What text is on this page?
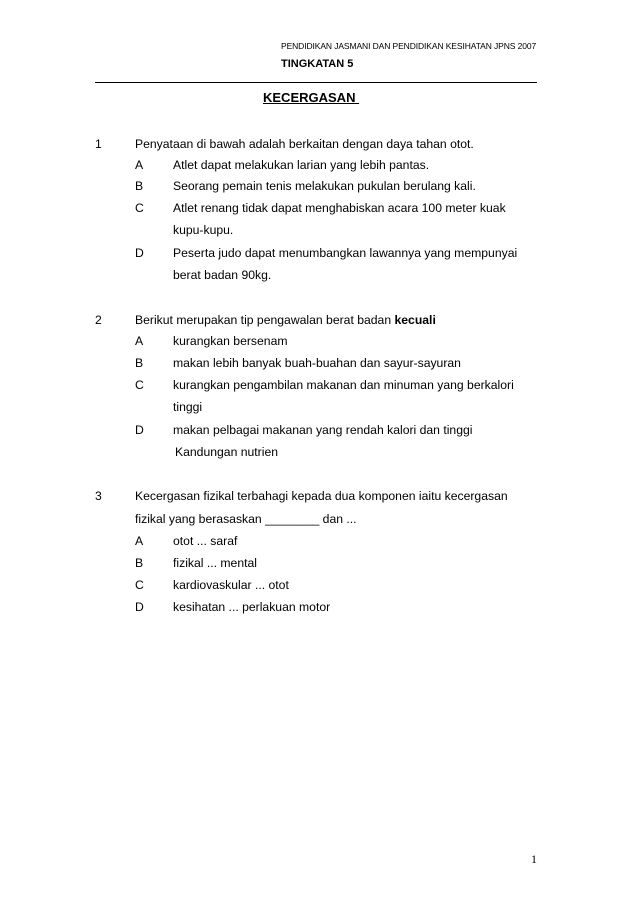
PENDIDIKAN JASMANI DAN PENDIDIKAN KESIHATAN JPNS 2007
TINGKATAN 5
KECERGASAN
1	Penyataan di bawah adalah berkaitan dengan daya tahan otot.
A Atlet dapat melakukan larian yang lebih pantas.
B Seorang pemain tenis melakukan pukulan berulang kali.
C Atlet renang tidak dapat menghabiskan acara 100 meter kuak
kupu-kupu.
D Peserta judo dapat menumbangkan lawannya yang mempunyai
berat badan 90kg.
2	Berikut merupakan tip pengawalan berat badan kecuali
A kurangkan bersenam
B makan lebih banyak buah-buahan dan sayur-sayuran
C kurangkan pengambilan makanan dan minuman yang berkalori
tinggi
D makan pelbagai makanan yang rendah kalori dan tinggi
Kandungan nutrien
3	Kecergasan fizikal terbahagi kepada dua komponen iaitu kecergasan
fizikal yang berasaskan ________ dan ...
A otot ... saraf
B fizikal ... mental
C kardiovaskular ... otot
D kesihatan ... perlakuan motor
1
